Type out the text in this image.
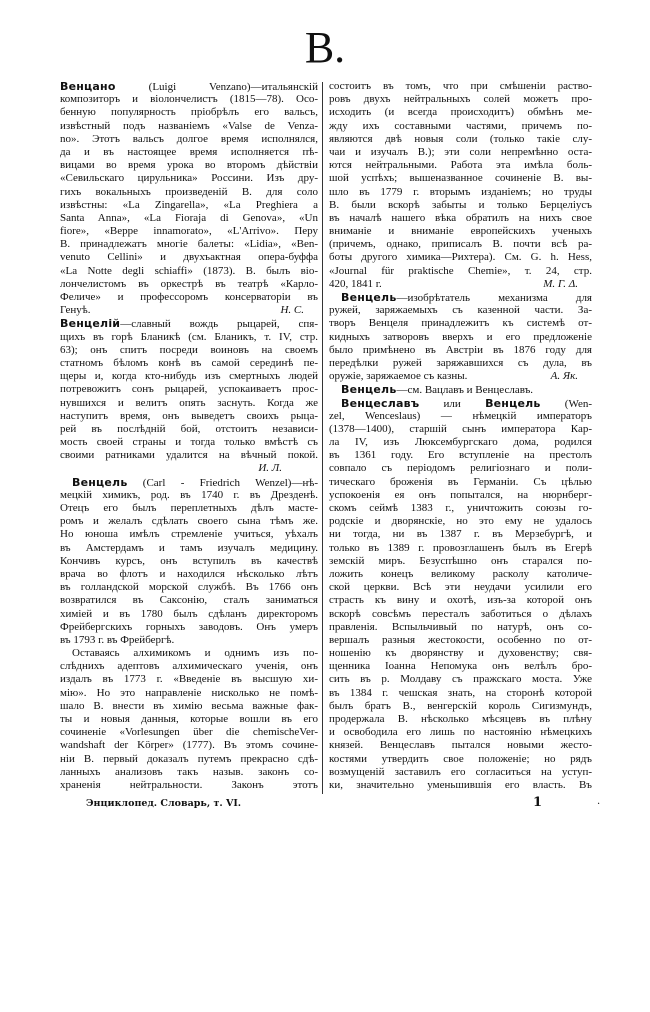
В.
Венцано (Luigi Venzano)—итальянскiй
композиторъ и вiолончелистъ (1815—78). Осо-
бенную популярность прiобрѣлъ его вальсъ,
извѣстный подъ названiемъ «Valse de Venza-
no». Этотъ вальсъ долгое время исполнялся,
да и въ настоящее время исполняется пѣ-
вицами во время урока во второмъ дѣйствiи
«Севильскаго цирульника» Россини. Изъ дру-
гихъ вокальныхъ произведенiй В. для соло
извѣстны: «La Zingarella», «La Preghiera a
Santa Anna», «La Fioraja di Genova», «Un
fiore», «Beppe innamorato», «L'Arrivo». Перу
В. принадлежатъ многiе балеты: «Lidia», «Ben-
venuto Cellini» и двухъактная опера-буффа
«La Notte degli schiaffi» (1873). В. былъ вiо-
лончелистомъ въ оркестрѣ въ театрѣ «Карло-
Феличе» и профессоромъ консерваторiи въ
Генуѣ.	Н. С.
Венцелiй—славный вождь рыцарей, спя-
щихъ въ горѣ Бланикѣ (см. Бланикъ, т. IV, стр.
63); онъ спитъ посреди воиновъ на своемъ
статномъ бѣломъ конѣ въ самой серединѣ пе-
щеры и, когда кто-нибудь изъ смертныхъ людей
потревожитъ сонъ рыцарей, успокаиваетъ прос-
нувшихся и велитъ опять заснуть. Когда же
наступитъ время, онъ выведетъ своихъ рыца-
рей въ послѣднiй бой, отстоитъ независи-
мость своей страны и тогда только вмѣстѣ съ
своими ратниками удалится на вѣчный покой.
И. Л.
Венцель (Carl - Friedrich Wenzel)—нѣ-
мецкiй химикъ, род. въ 1740 г. въ Дрезденѣ.
Отецъ его былъ переплетныхъ дѣлъ масте-
ромъ и желалъ сдѣлать своего сына тѣмъ же.
Но юноша имѣлъ стремленiе учиться, уѣхалъ
въ Амстердамъ и тамъ изучалъ медицину.
Кончивъ курсъ, онъ вступилъ въ качествѣ
врача во флотъ и находился нѣсколько лѣтъ
въ голландской морской службѣ. Въ 1766 онъ
возвратился въ Саксонiю, сталъ заниматься
химiей и въ 1780 былъ сдѣланъ директоромъ
Фрейбергскихъ горныхъ заводовъ. Онъ умеръ
въ 1793 г. въ Фрейбергѣ.
Оставаясь алхимикомъ и однимъ изъ по-
слѣднихъ адептовъ алхимическаго ученiя, онъ
издалъ въ 1773 г. «Введенiе въ высшую хи-
мiю». Но это направленiе нисколько не помѣ-
шало В. внести въ химiю весьма важные фак-
ты и новыя данныя, которые вошли въ его
сочиненiе «Vorlesungen über die chemischeVer-
wandshaft der Körper» (1777). Въ этомъ сочине-
нiи В. первый доказалъ путемъ прекрасно сдѣ-
ланныхъ анализовъ такъ назыв. законъ со-
храненiя нейтральности. Законъ этотъ
состоитъ въ томъ, что при смѣшенiи раство-
ровъ двухъ нейтральныхъ солей можетъ про-
исходить (и всегда происходитъ) обмѣнъ ме-
жду ихъ составными частями, причемъ по-
являются двѣ новыя соли (только такiе слу-
чаи и изучалъ В.); эти соли непремѣнно оста-
ются нейтральными. Работа эта имѣла боль-
шой успѣхъ; вышеназванное сочиненiе В. вы-
шло въ 1779 г. вторымъ изданiемъ; но труды
В. были вскорѣ забыты и только Берцелiусъ
въ началѣ нашего вѣка обратилъ на нихъ свое
вниманiе и вниманiе европейскихъ ученыхъ
(причемъ, однако, приписалъ В. почти всѣ ра-
боты другого химика—Рихтера). См. G. h. Hess,
«Journal für praktische Chemie», т. 24, стр.
420, 1841 г.	М. Г. Δ.
Венцель—изобрѣтатель механизма для
ружей, заряжаемыхъ съ казенной части. За-
творъ Венцеля принадлежитъ къ системѣ от-
кидныхъ затворовъ вверхъ и его предложенiе
было примѣнено въ Австрiи въ 1876 году для
передѣлки ружей заряжавшихся съ дула, въ
оружiе, заряжаемое съ казны.	А. Як.
Венцель—см. Вацлавъ и Венцеславъ.
Венцеславъ или Венцель (Wen-
zel, Wenceslaus) — нѣмецкiй императоръ
(1378—1400), старшiй сынъ императора Кар-
ла IV, изъ Люксембургскаго дома, родился
въ 1361 году. Его вступленiе на престолъ
совпало съ перiодомъ религiознаго и поли-
тическаго броженiя въ Германiи. Съ цѣлью
успокоенiя ея онъ попытался, на нюрнберг-
скомъ сеймѣ 1383 г., уничтожить союзы го-
родскiе и дворянскiе, но это ему не удалось
ни тогда, ни въ 1387 г. въ Мерзебургѣ, и
только въ 1389 г. провозглашенъ былъ въ Егерѣ
земскiй миръ. Безуспѣшно онъ старался по-
ложить конецъ великому расколу католиче-
ской церкви. Всѣ эти неудачи усилили его
страсть къ вину и охотѣ, изъ-за которой онъ
вскорѣ совсѣмъ пересталъ заботиться о дѣлахъ
правленiя. Вспыльчивый по натурѣ, онъ со-
вершалъ разныя жестокости, особенно по от-
ношенiю къ дворянству и духовенству; свя-
щенника Iоанна Непомука онъ велѣлъ бро-
сить въ р. Молдаву съ пражскаго моста. Уже
въ 1384 г. чешская знать, на сторонѣ которой
былъ братъ В., венгерскiй король Сигизмундъ,
продержала В. нѣсколько мѣсяцевъ въ плѣну
и освободила его лишь по настоянiю нѣмецкихъ
князей. Венцеславъ пытался новыми жесто-
костями утвердить свое положенiе; но рядъ
возмущенiй заставилъ его согласиться на уступ-
ки, значительно уменьшившiя его власть. Въ
Энциклопед. Словарь, т. VI.	1	.
